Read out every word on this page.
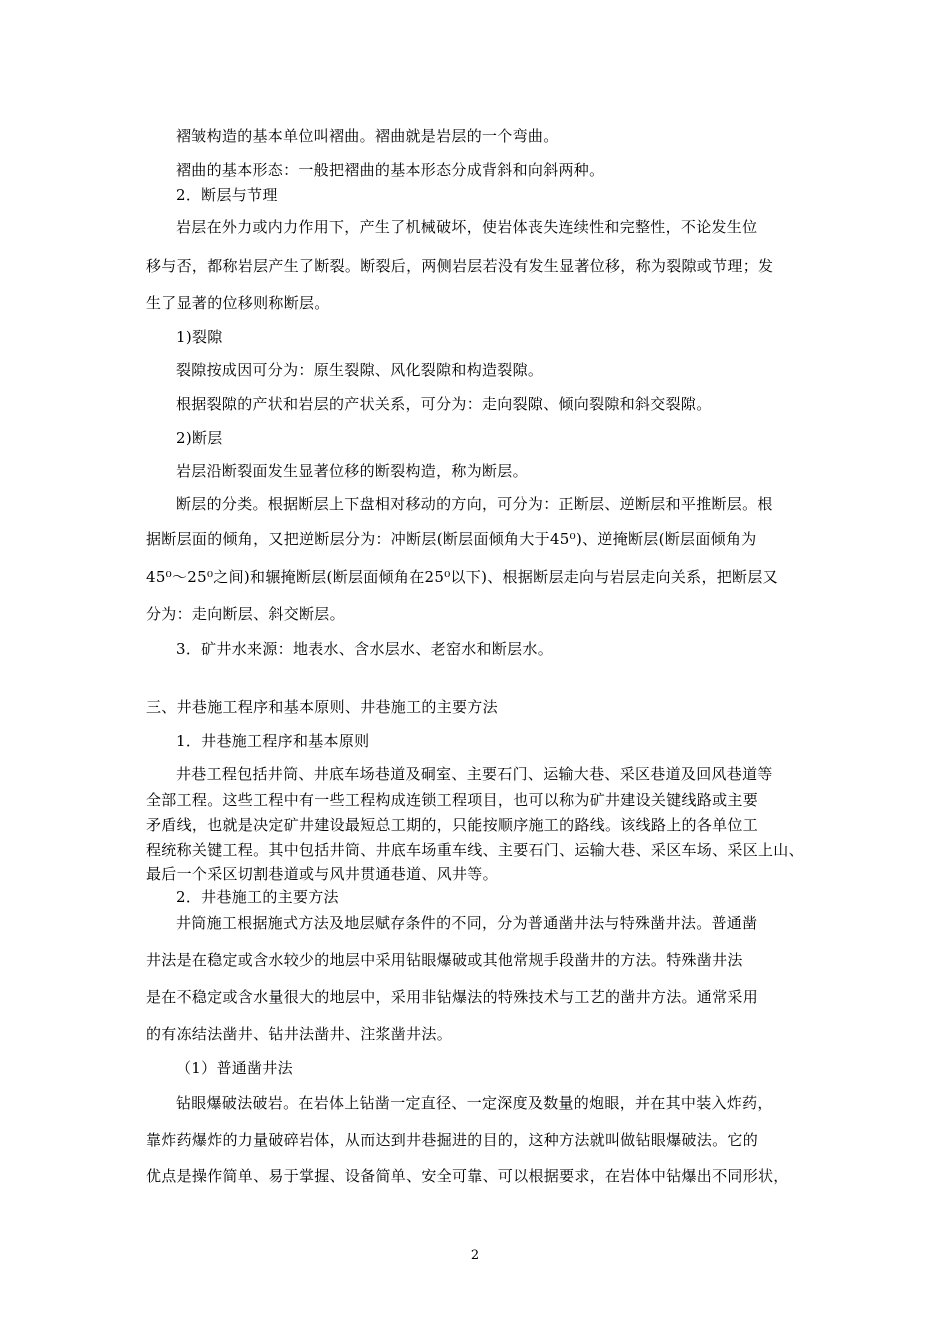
褶皱构造的基本单位叫褶曲。褶曲就是岩层的一个弯曲。
褶曲的基本形态：一般把褶曲的基本形态分成背斜和向斜两种。
2．断层与节理
岩层在外力或内力作用下，产生了机械破坏，使岩体丧失连续性和完整性，不论发生位
移与否，都称岩层产生了断裂。断裂后，两侧岩层若没有发生显著位移，称为裂隙或节理；发
生了显著的位移则称断层。
1)裂隙
裂隙按成因可分为：原生裂隙、风化裂隙和构造裂隙。
根据裂隙的产状和岩层的产状关系，可分为：走向裂隙、倾向裂隙和斜交裂隙。
2)断层
岩层沿断裂面发生显著位移的断裂构造，称为断层。
断层的分类。根据断层上下盘相对移动的方向，可分为：正断层、逆断层和平推断层。根
据断层面的倾角，又把逆断层分为：冲断层(断层面倾角大于45⁰)、逆掩断层(断层面倾角为
45⁰～25⁰之间)和辗掩断层(断层面倾角在25⁰以下)、根据断层走向与岩层走向关系，把断层又
分为：走向断层、斜交断层。
3．矿井水来源：地表水、含水层水、老窑水和断层水。
三、井巷施工程序和基本原则、井巷施工的主要方法
1．井巷施工程序和基本原则
井巷工程包括井筒、井底车场巷道及硐室、主要石门、运输大巷、采区巷道及回风巷道等
全部工程。这些工程中有一些工程构成连锁工程项目，也可以称为矿井建设关键线路或主要
矛盾线，也就是决定矿井建设最短总工期的，只能按顺序施工的路线。该线路上的各单位工
程统称关键工程。其中包括井筒、井底车场重车线、主要石门、运输大巷、采区车场、采区上山、
最后一个采区切割巷道或与风井贯通巷道、风井等。
2．井巷施工的主要方法
井筒施工根据施式方法及地层赋存条件的不同，分为普通凿井法与特殊凿井法。普通凿
井法是在稳定或含水较少的地层中采用钻眼爆破或其他常规手段凿井的方法。特殊凿井法
是在不稳定或含水量很大的地层中，采用非钻爆法的特殊技术与工艺的凿井方法。通常采用
的有冻结法凿井、钻井法凿井、注浆凿井法。
（1）普通凿井法
钻眼爆破法破岩。在岩体上钻凿一定直径、一定深度及数量的炮眼，并在其中装入炸药，
靠炸药爆炸的力量破碎岩体，从而达到井巷掘进的目的，这种方法就叫做钻眼爆破法。它的
优点是操作简单、易于掌握、设备简单、安全可靠、可以根据要求，在岩体中钻爆出不同形状，
2
